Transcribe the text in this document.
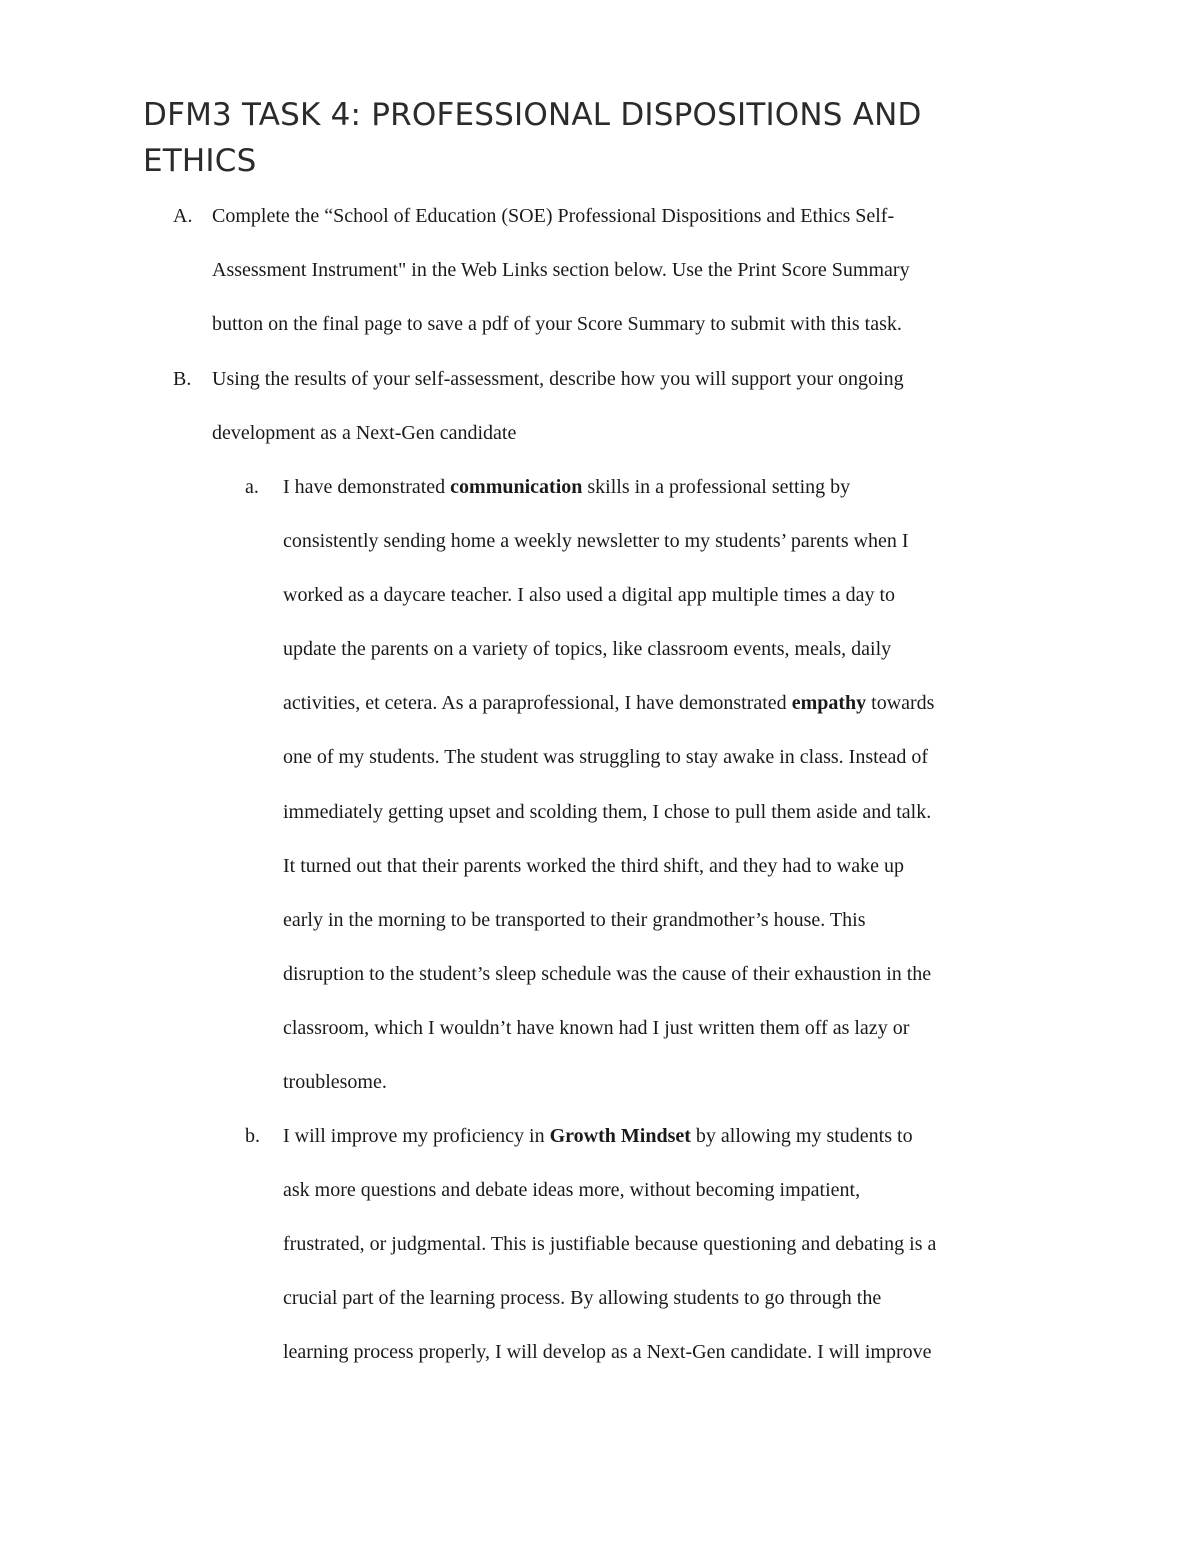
DFM3 TASK 4: PROFESSIONAL DISPOSITIONS AND ETHICS
A. Complete the “School of Education (SOE) Professional Dispositions and Ethics Self-
Assessment Instrument" in the Web Links section below. Use the Print Score Summary
button on the final page to save a pdf of your Score Summary to submit with this task.
B. Using the results of your self-assessment, describe how you will support your ongoing
development as a Next-Gen candidate
a. I have demonstrated communication skills in a professional setting by
consistently sending home a weekly newsletter to my students’ parents when I
worked as a daycare teacher. I also used a digital app multiple times a day to
update the parents on a variety of topics, like classroom events, meals, daily
activities, et cetera. As a paraprofessional, I have demonstrated empathy towards
one of my students. The student was struggling to stay awake in class. Instead of
immediately getting upset and scolding them, I chose to pull them aside and talk.
It turned out that their parents worked the third shift, and they had to wake up
early in the morning to be transported to their grandmother’s house. This
disruption to the student’s sleep schedule was the cause of their exhaustion in the
classroom, which I wouldn’t have known had I just written them off as lazy or
troublesome.
b. I will improve my proficiency in Growth Mindset by allowing my students to
ask more questions and debate ideas more, without becoming impatient,
frustrated, or judgmental. This is justifiable because questioning and debating is a
crucial part of the learning process. By allowing students to go through the
learning process properly, I will develop as a Next-Gen candidate. I will improve
